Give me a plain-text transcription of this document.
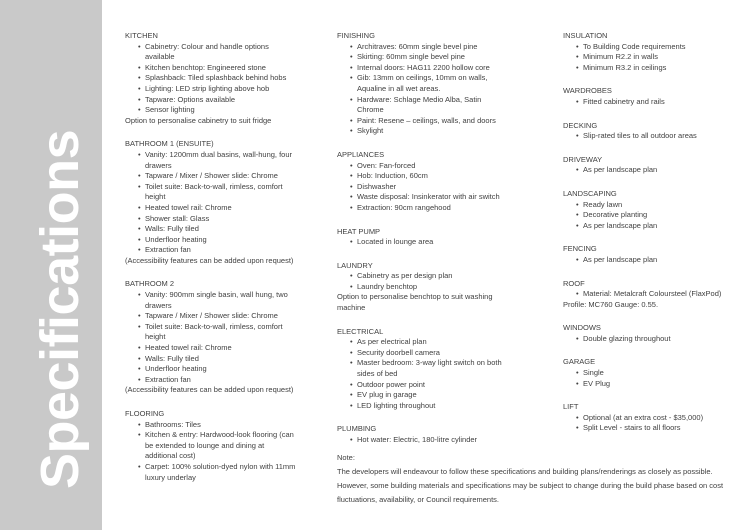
Specifications
KITCHEN
• Cabinetry: Colour and handle options available
• Kitchen benchtop: Engineered stone
• Splashback: Tiled splashback behind hobs
• Lighting: LED strip lighting above hob
• Tapware: Options available
• Sensor lighting
Option to personalise cabinetry to suit fridge
BATHROOM 1 (ENSUITE)
• Vanity: 1200mm dual basins, wall-hung, four drawers
• Tapware / Mixer / Shower slide: Chrome
• Toilet suite: Back-to-wall, rimless, comfort height
• Heated towel rail: Chrome
• Shower stall: Glass
• Walls: Fully tiled
• Underfloor heating
• Extraction fan
(Accessibility features can be added upon request)
BATHROOM 2
• Vanity: 900mm single basin, wall hung, two drawers
• Tapware / Mixer / Shower slide: Chrome
• Toilet suite: Back-to-wall, rimless, comfort height
• Heated towel rail: Chrome
• Walls: Fully tiled
• Underfloor heating
• Extraction fan
(Accessibility features can be added upon request)
FLOORING
• Bathrooms: Tiles
• Kitchen & entry: Hardwood-look flooring (can be extended to lounge and dining at additional cost)
• Carpet: 100% solution-dyed nylon with 11mm luxury underlay
FINISHING
• Architraves: 60mm single bevel pine
• Skirting: 60mm single bevel pine
• Internal doors: HAG11 2200 hollow core
• Gib: 13mm on ceilings, 10mm on walls, Aqualine in all wet areas.
• Hardware: Schlage Medio Alba, Satin Chrome
• Paint: Resene – ceilings, walls, and doors
• Skylight
APPLIANCES
• Oven: Fan-forced
• Hob: Induction, 60cm
• Dishwasher
• Waste disposal: Insinkerator with air switch
• Extraction: 90cm rangehood
HEAT PUMP
• Located in lounge area
LAUNDRY
• Cabinetry as per design plan
• Laundry benchtop
Option to personalise benchtop to suit washing machine
ELECTRICAL
• As per electrical plan
• Security doorbell camera
• Master bedroom: 3-way light switch on both sides of bed
• Outdoor power point
• EV plug in garage
• LED lighting throughout
PLUMBING
• Hot water: Electric, 180-litre cylinder
INSULATION
• To Building Code requirements
• Minimum R2.2 in walls
• Minimum R3.2 in ceilings
WARDROBES
• Fitted cabinetry and rails
DECKING
• Slip-rated tiles to all outdoor areas
DRIVEWAY
• As per landscape plan
LANDSCAPING
• Ready lawn
• Decorative planting
• As per landscape plan
FENCING
• As per landscape plan
ROOF
• Material: Metalcraft Coloursteel (FlaxPod)
Profile: MC760 Gauge: 0.55.
WINDOWS
• Double glazing throughout
GARAGE
• Single
• EV Plug
LIFT
• Optional (at an extra cost - $35,000)
• Split Level - stairs to all floors
Note:
The developers will endeavour to follow these specifications and building plans/renderings as closely as possible. However, some building materials and specifications may be subject to change during the build phase based on cost fluctuations, availability, or Council requirements.
